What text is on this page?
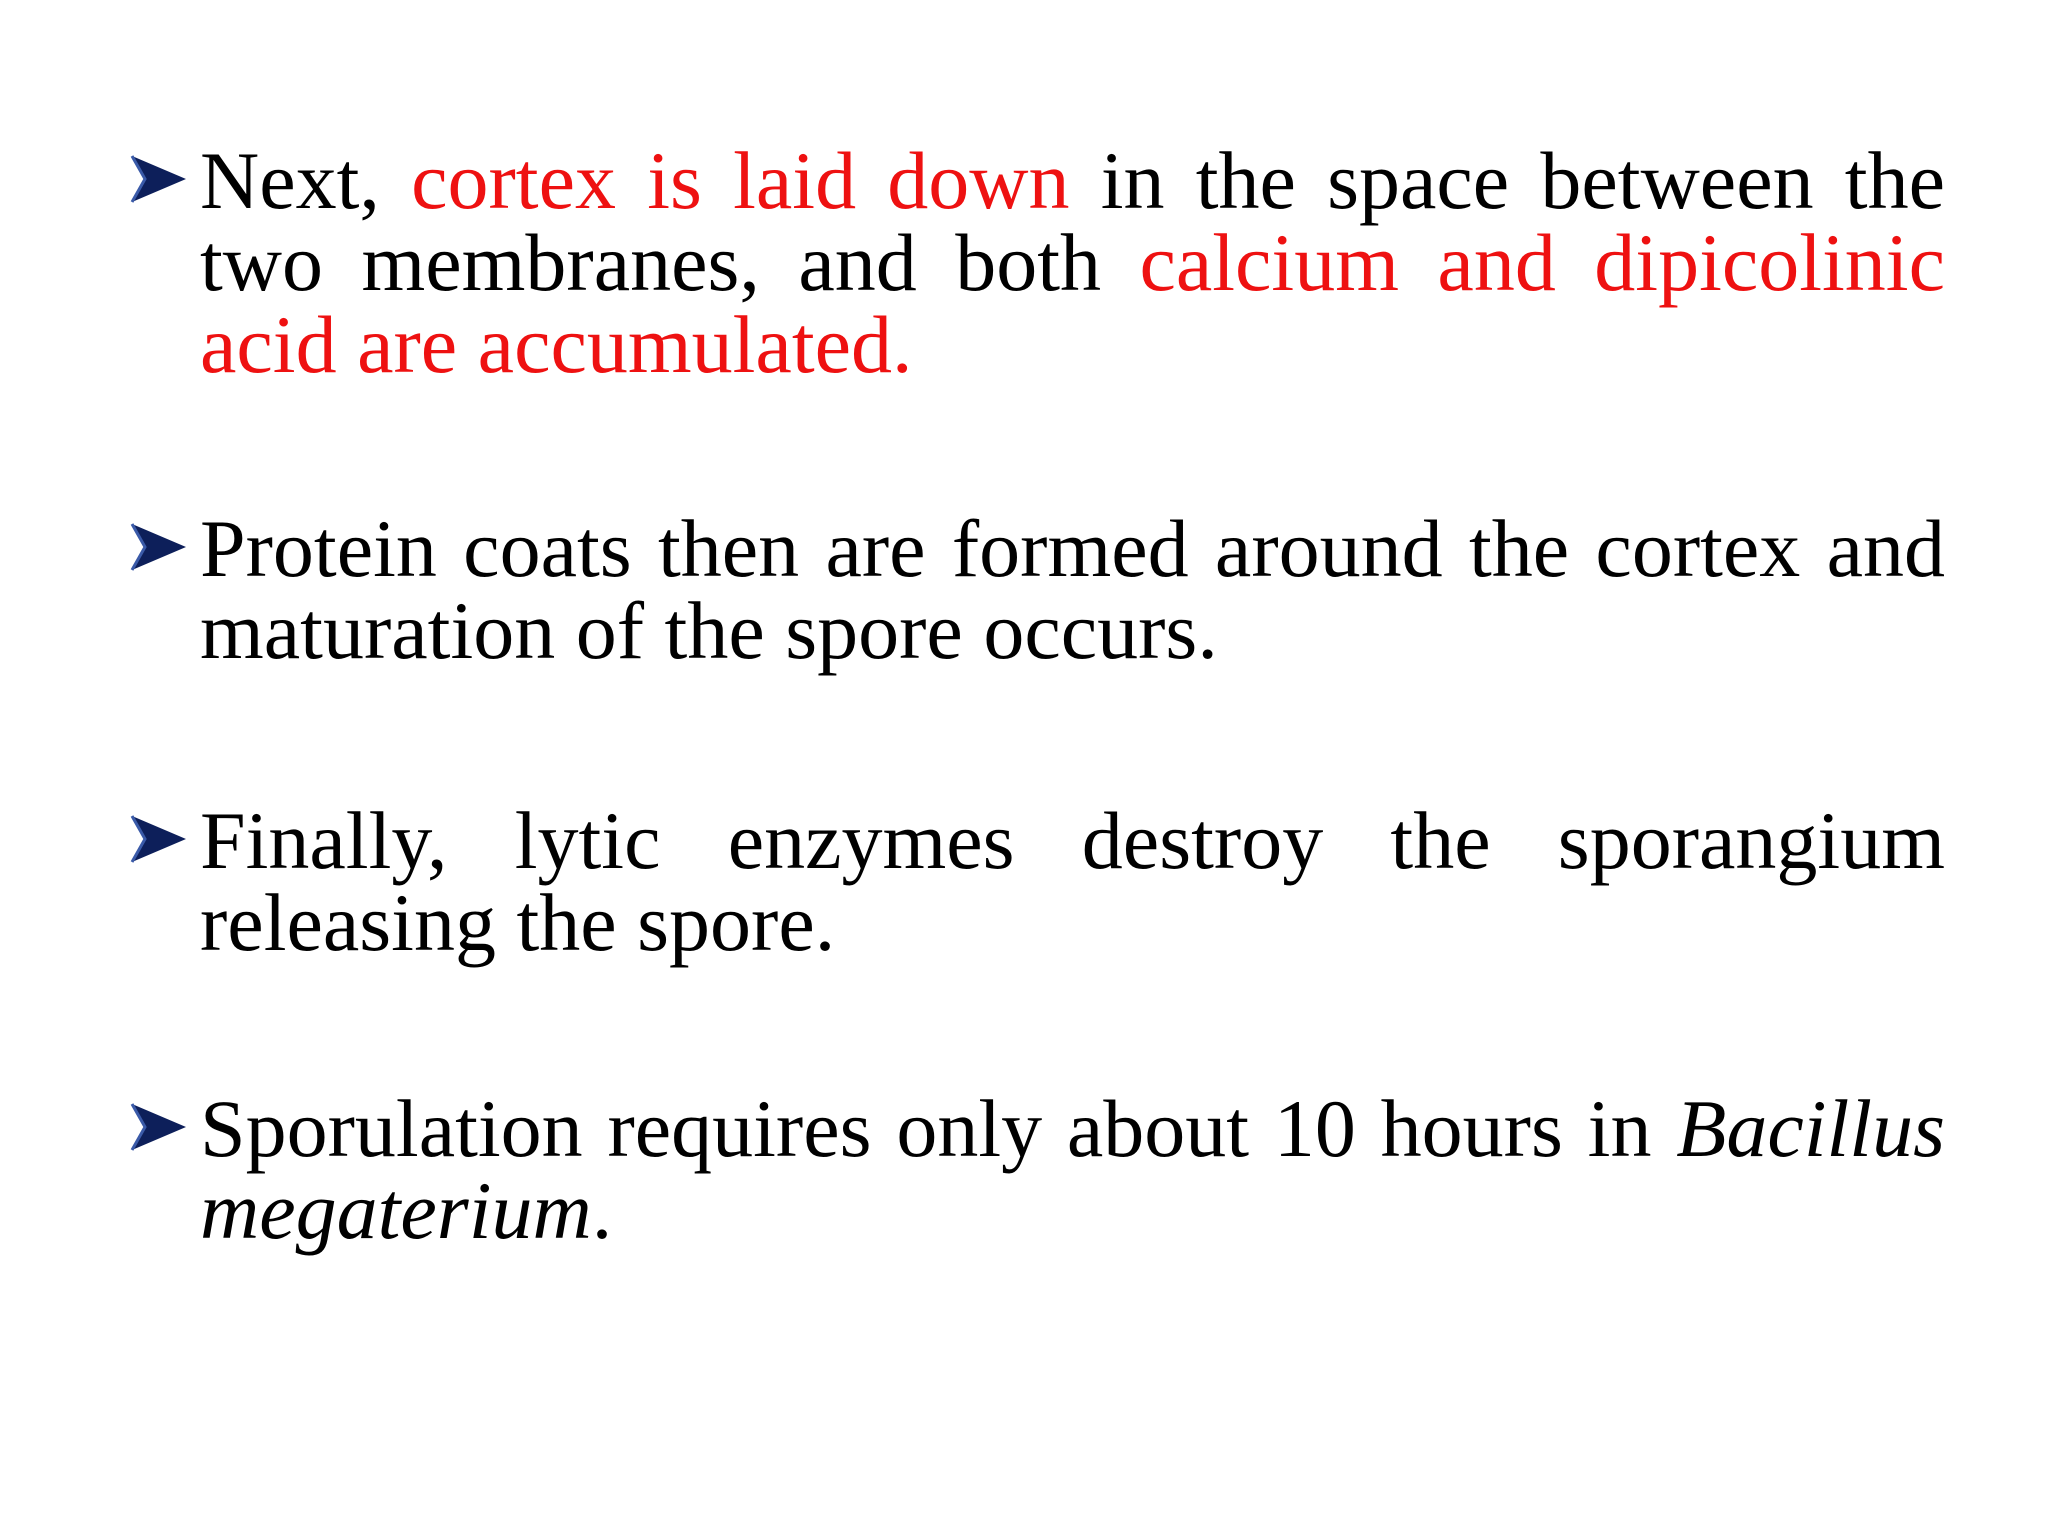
Next, cortex is laid down in the space between the two membranes, and both calcium and dipicolinic acid are accumulated.
Protein coats then are formed around the cortex and maturation of the spore occurs.
Finally, lytic enzymes destroy the sporangium releasing the spore.
Sporulation requires only about 10 hours in Bacillus megaterium.
